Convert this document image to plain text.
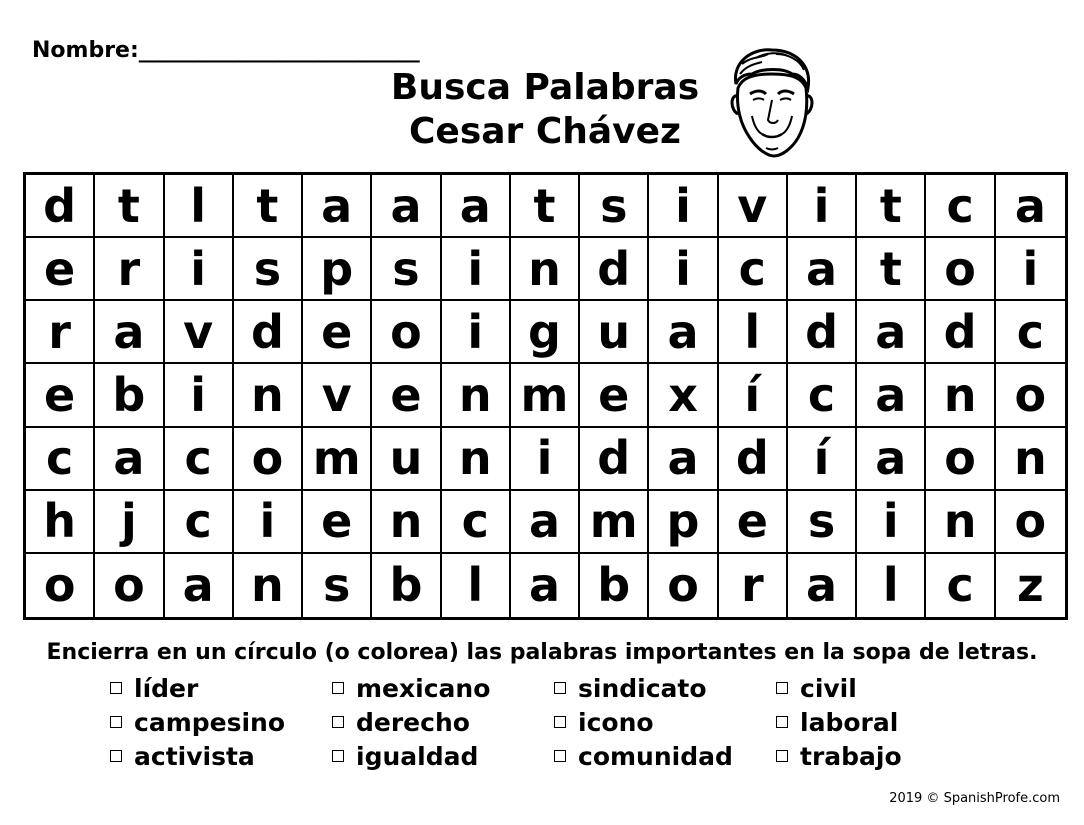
Nombre:____________________________
Busca Palabras
Cesar Chávez
d t	l	t a a a t s	i	v	i	t c a
e r	i	s p s	i n d i	c a t o	i
r a v d e o i g u a l d a d c
e b i n v e n m e x	í	c a n o
c a c o m u n i d a d í a o n
h j	c	i e n c a m p e s	i n o
o o a n s b l a b o r a l	c z
Encierra en un círculo (o colorea) las palabras importantes en la sopa de letras.
líder	mexicano	sindicato	civil
campesino	derecho	icono	laboral
activista	igualdad	comunidad	trabajo
2019 © SpanishProfe.com
